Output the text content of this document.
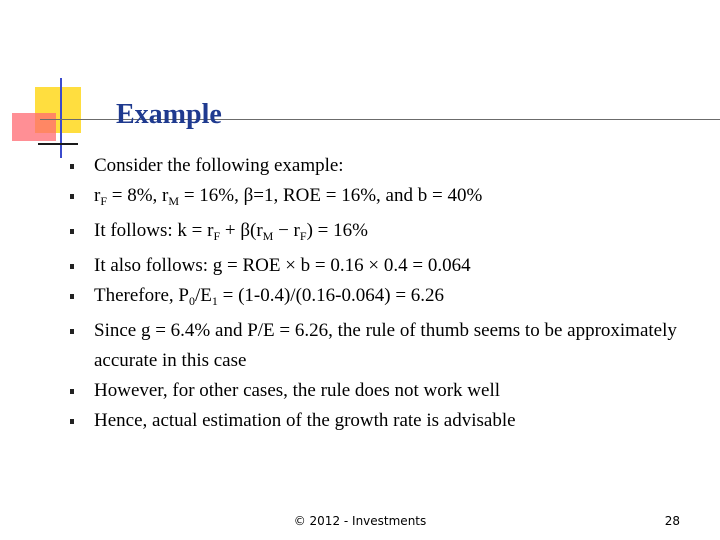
Example
Consider the following example:
$r_F = 8\%$, $r_M = 16\%$, β=1, ROE = 16%, and b = 40%
It follows: $k = r_F + \beta(r_M - r_F) = 16\%$
It also follows: g = ROE × b = 0.16 × 0.4 = 0.064
Therefore, $P_0/E_1 = (1-0.4)/(0.16-0.064) = 6.26$
Since g = 6.4% and P/E = 6.26, the rule of thumb seems to be approximately accurate in this case
However, for other cases, the rule does not work well
Hence, actual estimation of the growth rate is advisable
© 2012 - Investments	28
